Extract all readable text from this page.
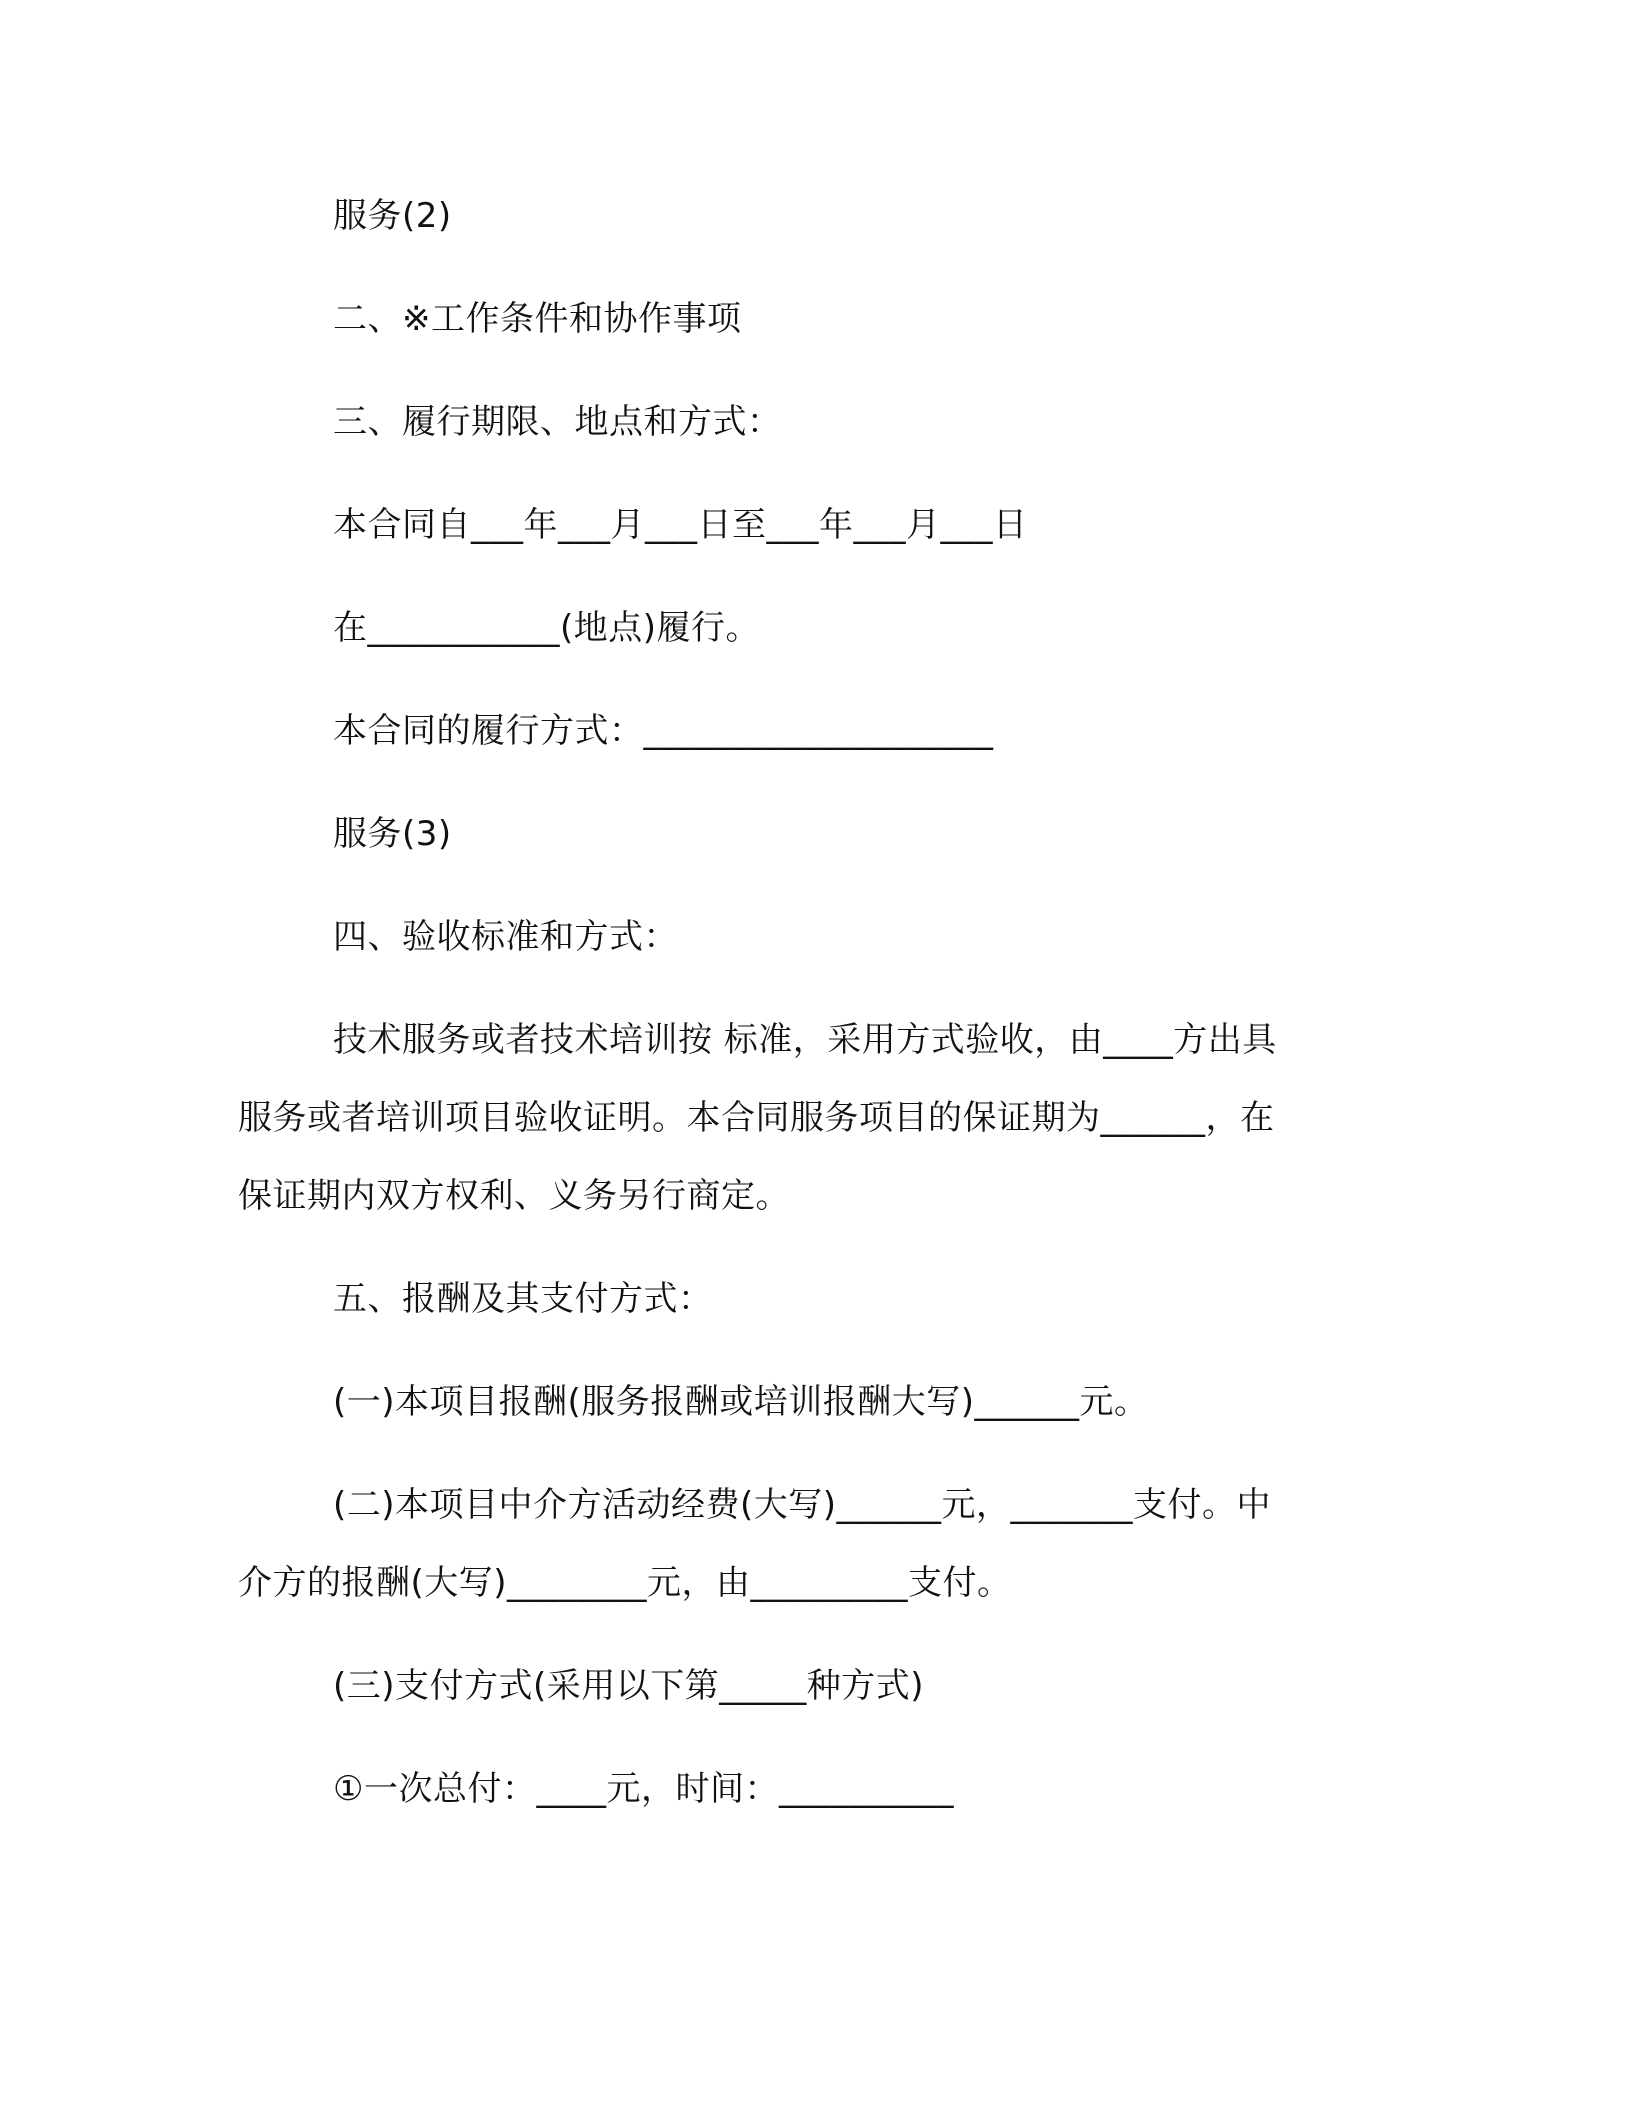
服务(2)
二、※工作条件和协作事项
三、履行期限、地点和方式：
本合同自___年___月___日至___年___月___日
在___________(地点)履行。
本合同的履行方式：____________________
服务(3)
四、验收标准和方式：
技术服务或者技术培训按 标准，采用方式验收，由____方出具
服务或者培训项目验收证明。本合同服务项目的保证期为______，在
保证期内双方权利、义务另行商定。
五、报酬及其支付方式：
(一)本项目报酬(服务报酬或培训报酬大写)______元。
(二)本项目中介方活动经费(大写)______元，_______支付。中
介方的报酬(大写)________元，由_________支付。
(三)支付方式(采用以下第_____种方式)
①一次总付：____元，时间：__________
